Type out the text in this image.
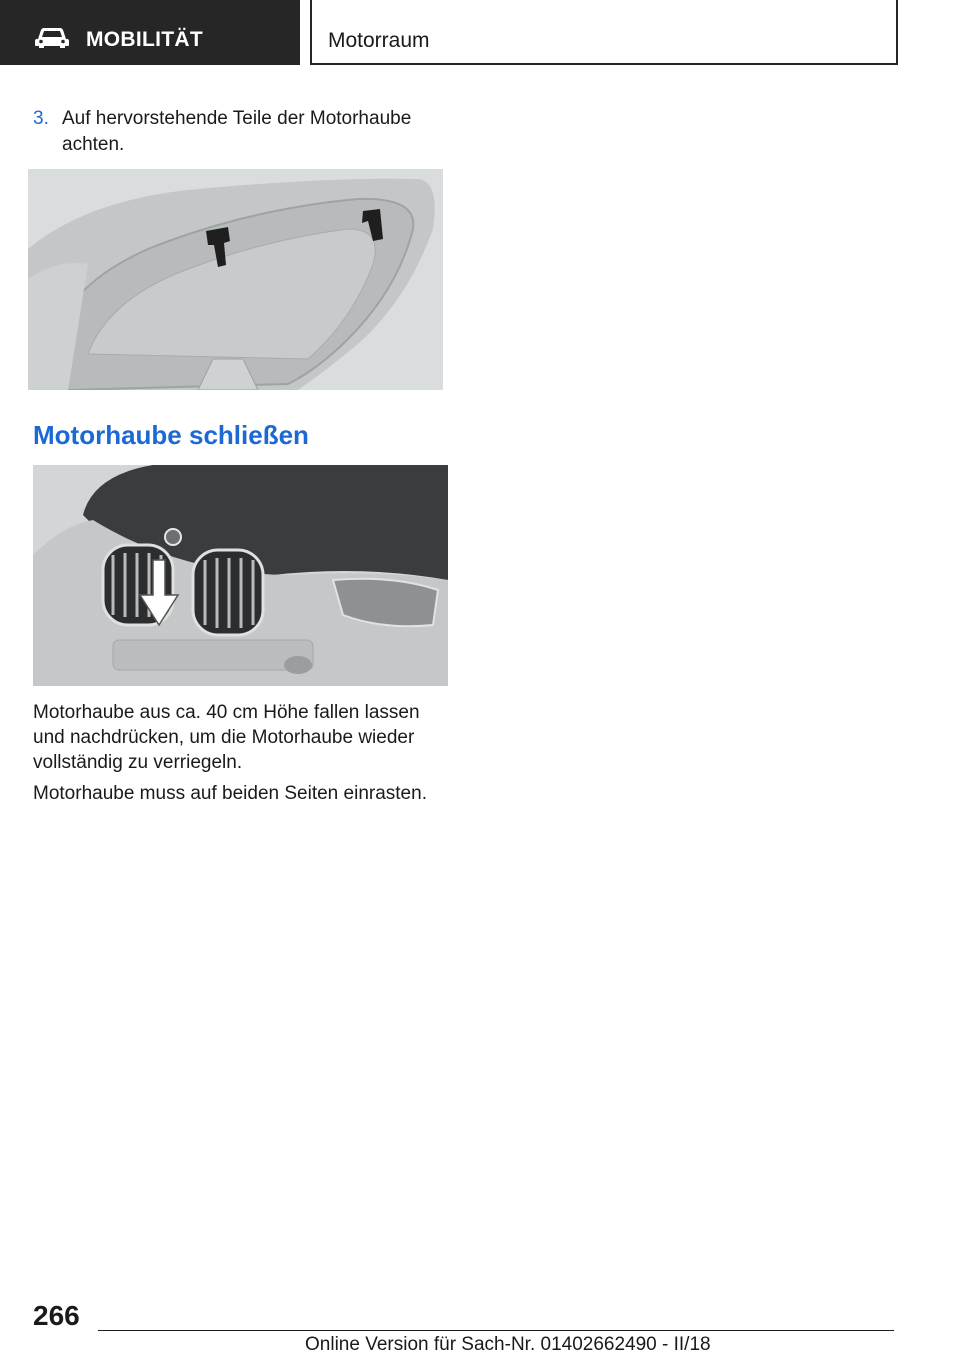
MOBILITÄT	Motorraum
3. Auf hervorstehende Teile der Motorhaube achten.
Motorhaube schließen
Motorhaube aus ca. 40 cm Höhe fallen lassen und nachdrücken, um die Motorhaube wieder vollständig zu verriegeln.
Motorhaube muss auf beiden Seiten einrasten.
266
Online Version für Sach-Nr. 01402662490 - II/18
